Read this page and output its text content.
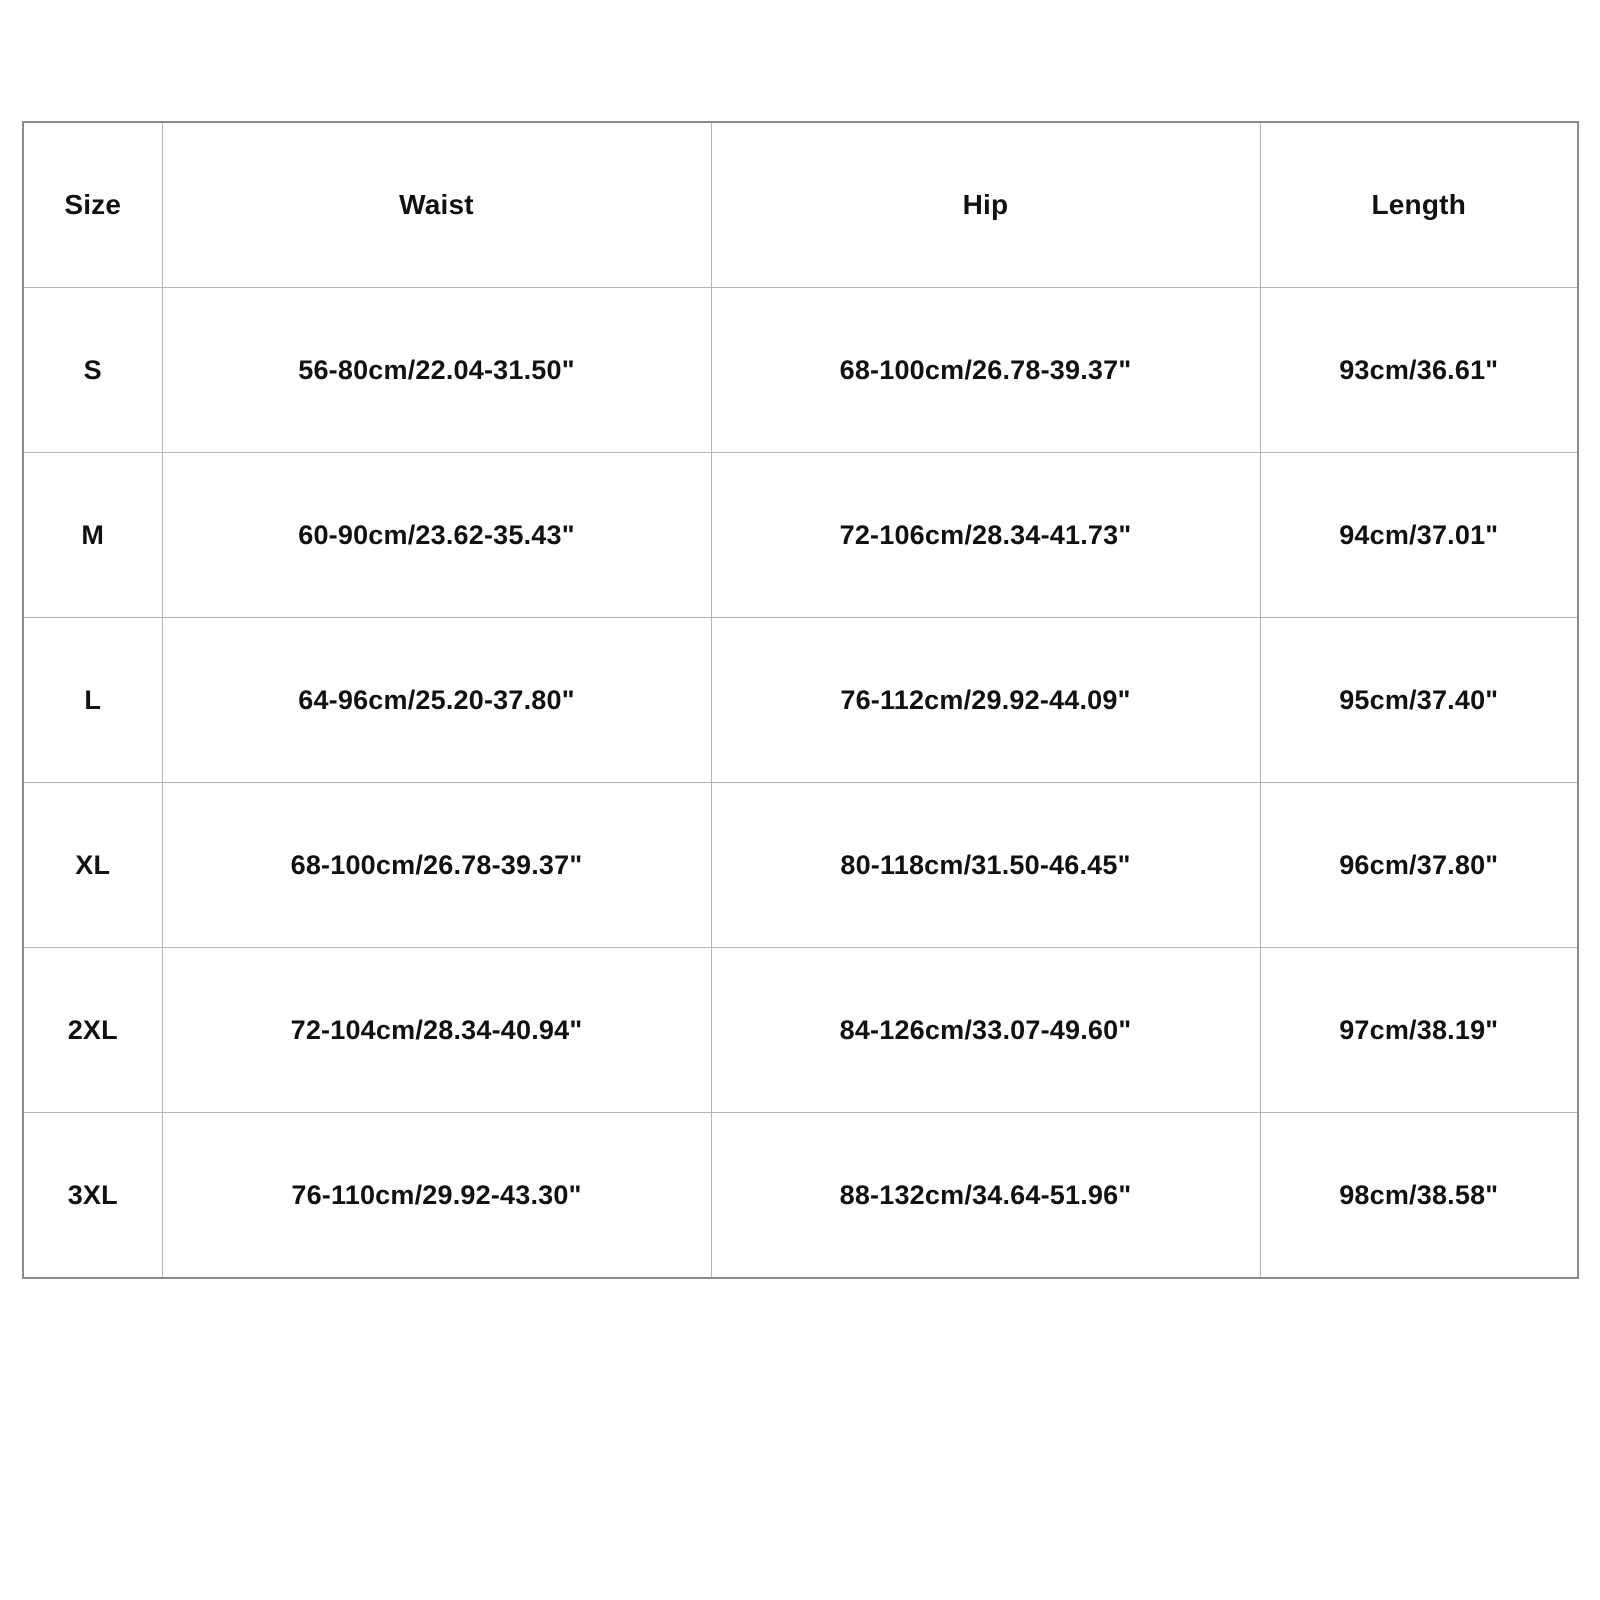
Size	Waist	Hip	Length
S	56-80cm/22.04-31.50"	68-100cm/26.78-39.37"	93cm/36.61"
M	60-90cm/23.62-35.43"	72-106cm/28.34-41.73"	94cm/37.01"
L	64-96cm/25.20-37.80"	76-112cm/29.92-44.09"	95cm/37.40"
XL	68-100cm/26.78-39.37"	80-118cm/31.50-46.45"	96cm/37.80"
2XL	72-104cm/28.34-40.94"	84-126cm/33.07-49.60"	97cm/38.19"
3XL	76-110cm/29.92-43.30"	88-132cm/34.64-51.96"	98cm/38.58"
